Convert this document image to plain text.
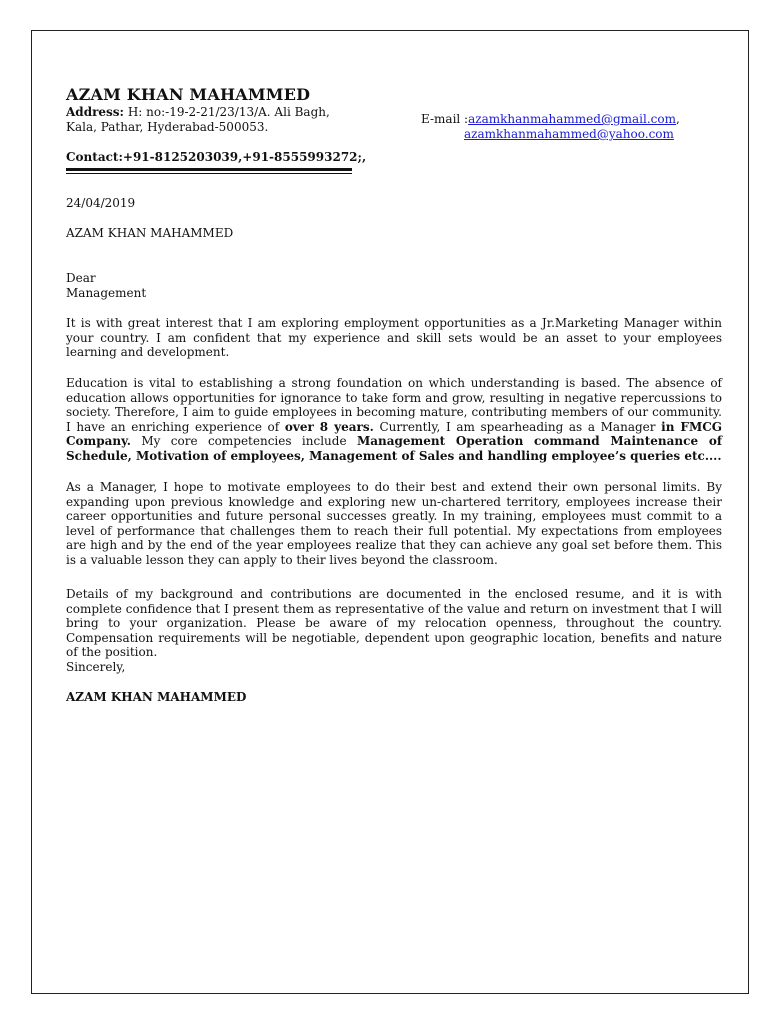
AZAM KHAN MAHAMMED
Address: H: no:-19-2-21/23/13/A. Ali Bagh,
Kala, Pathar, Hyderabad-500053.
Contact:+91-8125203039,+91-8555993272;,
E-mail :azamkhanmahammed@gmail.com,
azamkhanmahammed@yahoo.com
24/04/2019
AZAM KHAN MAHAMMED
Dear
Management

It is with great interest that I am exploring employment opportunities as a Jr.Marketing Manager within your country. I am confident that my experience and skill sets would be an asset to your employees learning and development.

Education is vital to establishing a strong foundation on which understanding is based. The absence of education allows opportunities for ignorance to take form and grow, resulting in negative repercussions to society. Therefore, I aim to guide employees in becoming mature, contributing members of our community. I have an enriching experience of over 8 years. Currently, I am spearheading as a Manager in FMCG Company. My core competencies include Management Operation command Maintenance of Schedule, Motivation of employees, Management of Sales and handling employee’s queries etc....

As a Manager, I hope to motivate employees to do their best and extend their own personal limits. By expanding upon previous knowledge and exploring new un-chartered territory, employees increase their career opportunities and future personal successes greatly. In my training, employees must commit to a level of performance that challenges them to reach their full potential. My expectations from employees are high and by the end of the year employees realize that they can achieve any goal set before them. This is a valuable lesson they can apply to their lives beyond the classroom.

Details of my background and contributions are documented in the enclosed resume, and it is with complete confidence that I present them as representative of the value and return on investment that I will bring to your organization. Please be aware of my relocation openness, throughout the country. Compensation requirements will be negotiable, dependent upon geographic location, benefits and nature of the position.

Sincerely,
AZAM KHAN MAHAMMED
